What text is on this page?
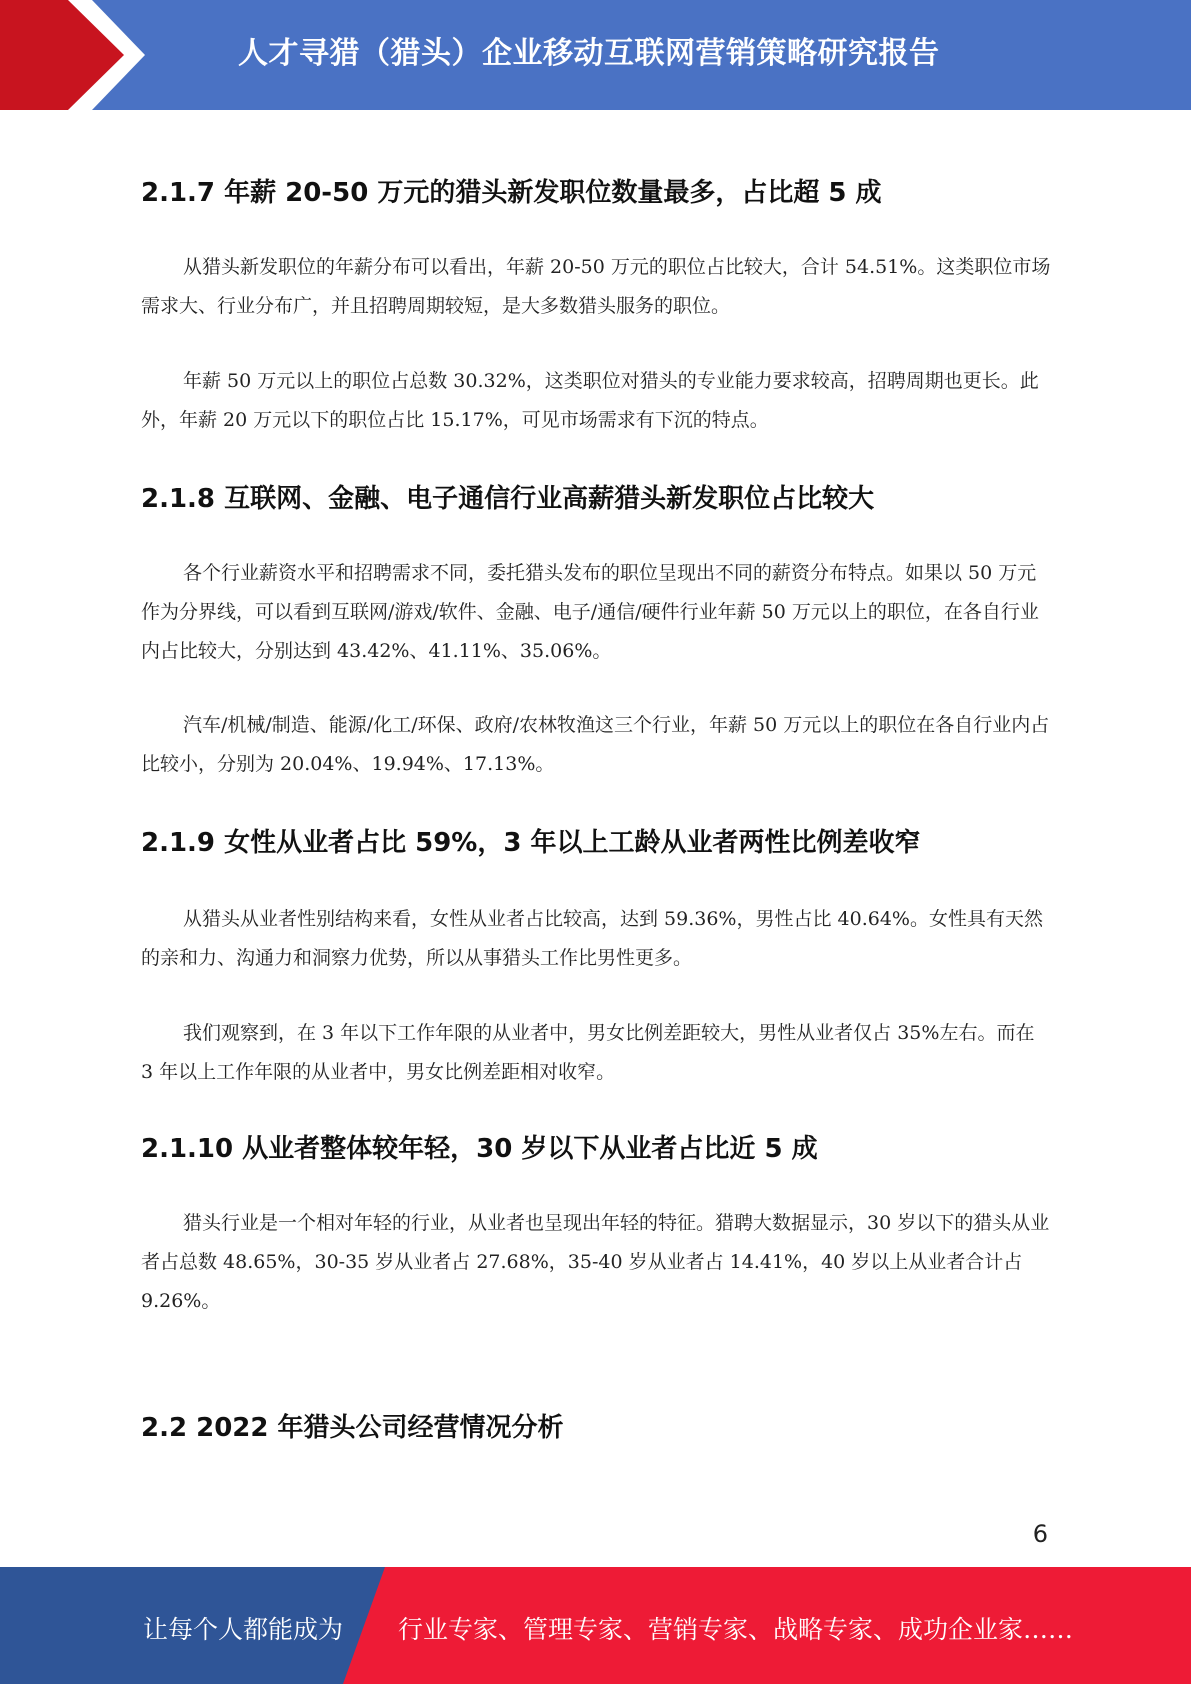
人才寻猎（猎头）企业移动互联网营销策略研究报告
2.1.7 年薪 20-50 万元的猎头新发职位数量最多，占比超 5 成

从猎头新发职位的年薪分布可以看出，年薪 20-50 万元的职位占比较大，合计 54.51%。这类职位市场需求大、行业分布广，并且招聘周期较短，是大多数猎头服务的职位。

年薪 50 万元以上的职位占总数 30.32%，这类职位对猎头的专业能力要求较高，招聘周期也更长。此外，年薪 20 万元以下的职位占比 15.17%，可见市场需求有下沉的特点。

2.1.8 互联网、金融、电子通信行业高薪猎头新发职位占比较大

各个行业薪资水平和招聘需求不同，委托猎头发布的职位呈现出不同的薪资分布特点。如果以 50 万元作为分界线，可以看到互联网/游戏/软件、金融、电子/通信/硬件行业年薪 50 万元以上的职位，在各自行业内占比较大，分别达到 43.42%、41.11%、35.06%。

汽车/机械/制造、能源/化工/环保、政府/农林牧渔这三个行业，年薪 50 万元以上的职位在各自行业内占比较小，分别为 20.04%、19.94%、17.13%。

2.1.9 女性从业者占比 59%，3 年以上工龄从业者两性比例差收窄

从猎头从业者性别结构来看，女性从业者占比较高，达到 59.36%，男性占比 40.64%。女性具有天然的亲和力、沟通力和洞察力优势，所以从事猎头工作比男性更多。

我们观察到，在 3 年以下工作年限的从业者中，男女比例差距较大，男性从业者仅占 35%左右。而在 3 年以上工作年限的从业者中，男女比例差距相对收窄。

2.1.10 从业者整体较年轻，30 岁以下从业者占比近 5 成

猎头行业是一个相对年轻的行业，从业者也呈现出年轻的特征。猎聘大数据显示，30 岁以下的猎头从业者占总数 48.65%，30-35 岁从业者占 27.68%，35-40 岁从业者占 14.41%，40 岁以上从业者合计占 9.26%。

2.2 2022 年猎头公司经营情况分析
6
让每个人都能成为 行业专家、管理专家、营销专家、战略专家、成功企业家……
